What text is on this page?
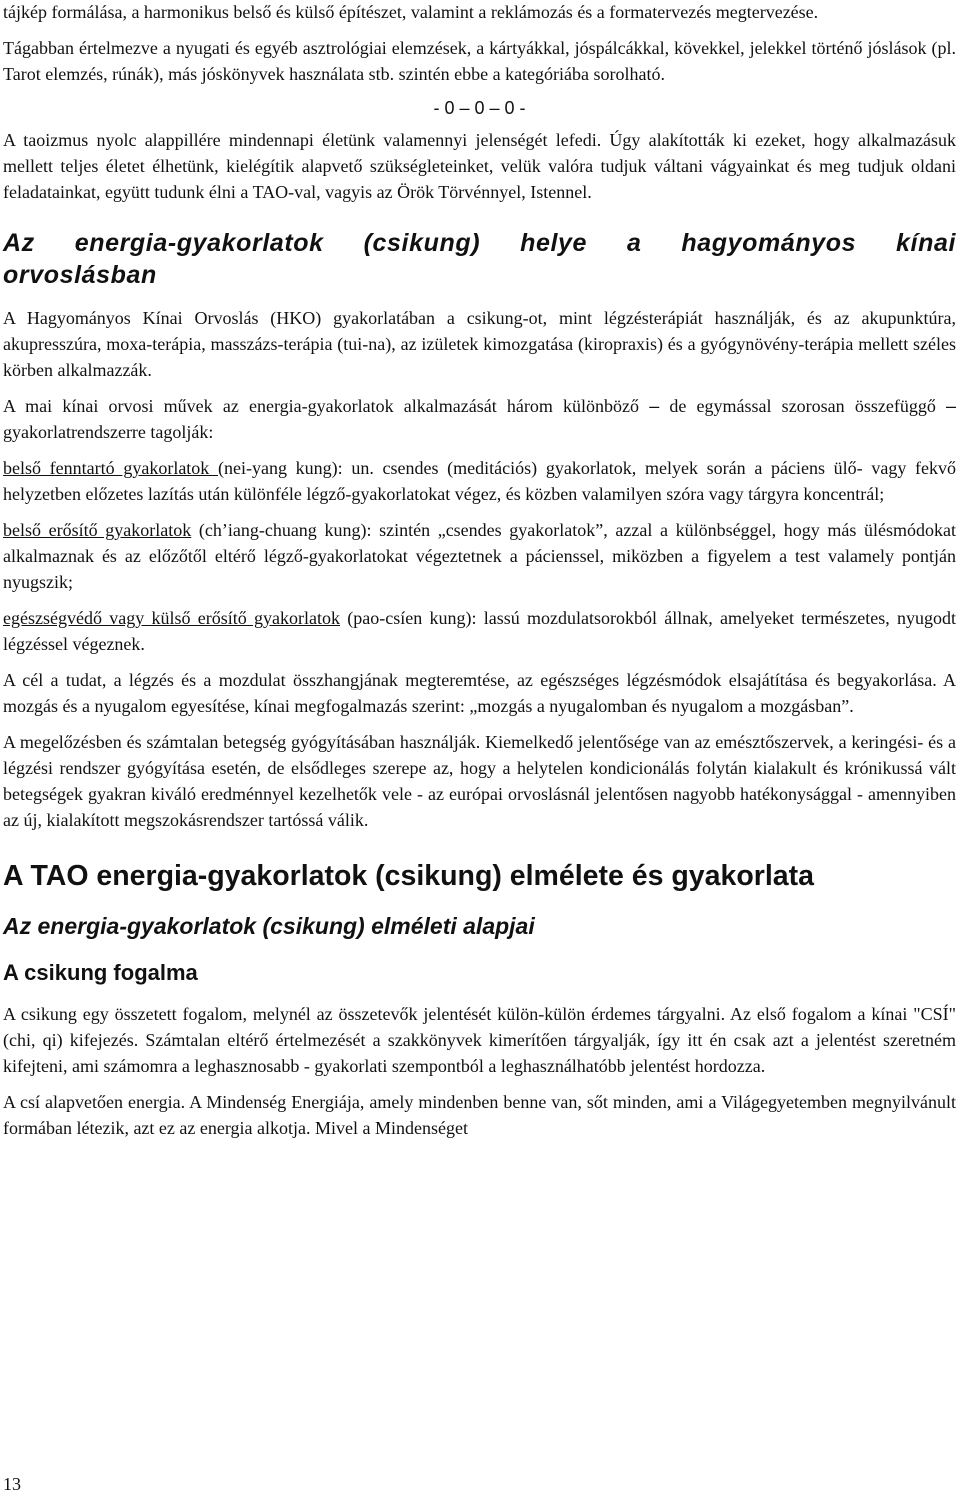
tájkép formálása, a harmonikus belső és külső építészet, valamint a reklámozás és a formatervezés megtervezése.

Tágabban értelmezve a nyugati és egyéb asztrológiai elemzések, a kártyákkal, jóspálcákkal, kövekkel, jelekkel történő jóslások (pl. Tarot elemzés, rúnák), más jóskönyvek használata stb. szintén ebbe a kategóriába sorolható.

- 0 – 0 – 0 -

A taoizmus nyolc alappillére mindennapi életünk valamennyi jelenségét lefedi. Úgy alakították ki ezeket, hogy alkalmazásuk mellett teljes életet élhetünk, kielégítik alapvető szükségleteinket, velük valóra tudjuk váltani vágyainkat és meg tudjuk oldani feladatainkat, együtt tudunk élni a TAO-val, vagyis az Örök Törvénnyel, Istennel.

Az energia-gyakorlatok (csikung) helye a hagyományos kínai orvoslásban

A Hagyományos Kínai Orvoslás (HKO) gyakorlatában a csikung-ot, mint légzésterápiát használják, és az akupunktúra, akupresszúra, moxa-terápia, masszázs-terápia (tui-na), az izületek kimozgatása (kiropraxis) és a gyógynövény-terápia mellett széles körben alkalmazzák.

A mai kínai orvosi művek az energia-gyakorlatok alkalmazását három különböző – de egymással szorosan összefüggő – gyakorlatrendszerre tagolják:

belső fenntartó gyakorlatok (nei-yang kung): un. csendes (meditációs) gyakorlatok, melyek során a páciens ülő- vagy fekvő helyzetben előzetes lazítás után különféle légző-gyakorlatokat végez, és közben valamilyen szóra vagy tárgyra koncentrál;

belső erősítő gyakorlatok (ch’iang-chuang kung): szintén „csendes gyakorlatok”, azzal a különbséggel, hogy más ülésmódokat alkalmaznak és az előzőtől eltérő légző-gyakorlatokat végeztetnek a pácienssel, miközben a figyelem a test valamely pontján nyugszik;

egészségvédő vagy külső erősítő gyakorlatok (pao-csíen kung): lassú mozdulatsorokból állnak, amelyeket természetes, nyugodt légzéssel végeznek.

A cél a tudat, a légzés és a mozdulat összhangjának megteremtése, az egészséges légzésmódok elsajátítása és begyakorlása. A mozgás és a nyugalom egyesítése, kínai megfogalmazás szerint: „mozgás a nyugalomban és nyugalom a mozgásban”.

A megelőzésben és számtalan betegség gyógyításában használják. Kiemelkedő jelentősége van az emésztőszervek, a keringési- és a légzési rendszer gyógyítása esetén, de elsődleges szerepe az, hogy a helytelen kondicionálás folytán kialakult és krónikussá vált betegségek gyakran kiváló eredménnyel kezelhetők vele - az európai orvoslásnál jelentősen nagyobb hatékonysággal - amennyiben az új, kialakított megszokásrendszer tartóssá válik.

A TAO energia-gyakorlatok (csikung) elmélete és gyakorlata
Az energia-gyakorlatok (csikung) elméleti alapjai
A csikung fogalma

A csikung egy összetett fogalom, melynél az összetevők jelentését külön-külön érdemes tárgyalni. Az első fogalom a kínai "CSÍ" (chi, qi) kifejezés. Számtalan eltérő értelmezését a szakkönyvek kimerítően tárgyalják, így itt én csak azt a jelentést szeretném kifejteni, ami számomra a leghasznosabb - gyakorlati szempontból a leghasználhatóbb jelentést hordozza.

A csí alapvetően energia. A Mindenség Energiája, amely mindenben benne van, sőt minden, ami a Világegyetemben megnyilvánult formában létezik, azt ez az energia alkotja. Mivel a Mindenséget

13
